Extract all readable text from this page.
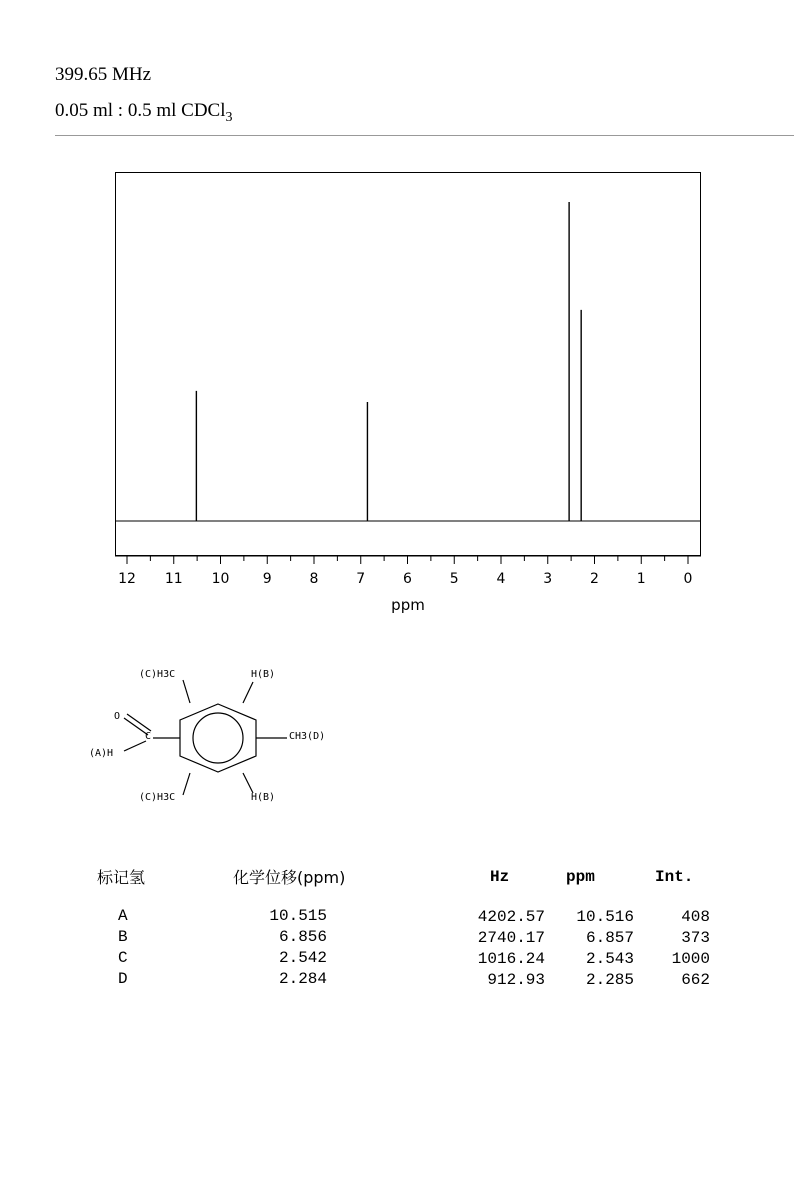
399.65 MHz
0.05 ml : 0.5 ml CDCl$_3$
12 11 10 9	8	7	6	5	4	3	2	1	0
ppm
(C)H3C	H(B)
O
C
(A)H
CH3(D)
(C)H3C	H(B)
标记氢	化学位移(ppm)
A	10.515
B	6.856
C	2.542
D	2.284
Hz	ppm	Int.
4202.57	10.516	408
2740.17	6.857	373
1016.24	2.543	1000
912.93	2.285	662
